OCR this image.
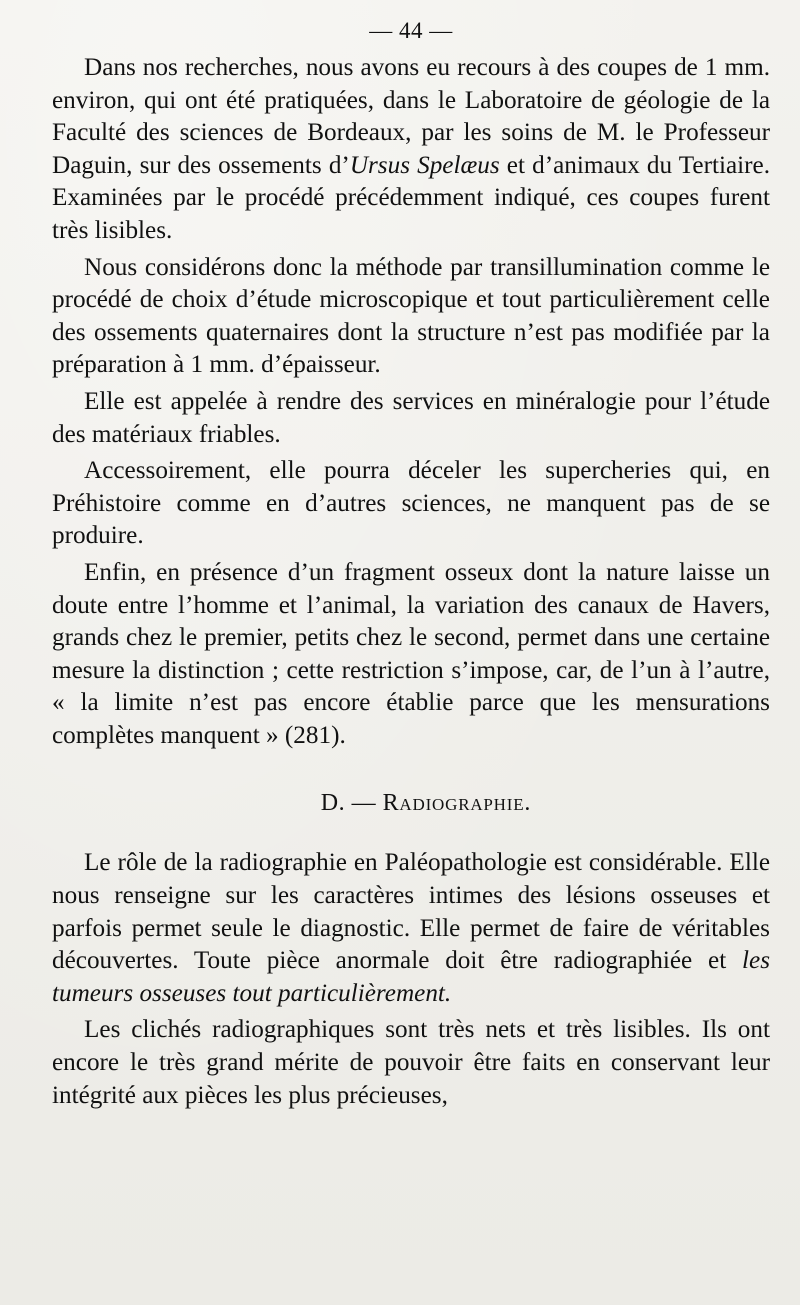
— 44 —

Dans nos recherches, nous avons eu recours à des coupes de 1 mm. environ, qui ont été pratiquées, dans le Laboratoire de géologie de la Faculté des sciences de Bordeaux, par les soins de M. le Professeur Daguin, sur des ossements d’Ursus Spelæus et d’animaux du Tertiaire. Examinées par le procédé précédemment indiqué, ces coupes furent très lisibles.

Nous considérons donc la méthode par transillumination comme le procédé de choix d’étude microscopique et tout particulièrement celle des ossements quaternaires dont la structure n’est pas modifiée par la préparation à 1 mm. d’épaisseur.

Elle est appelée à rendre des services en minéralogie pour l’étude des matériaux friables.

Accessoirement, elle pourra déceler les supercheries qui, en Préhistoire comme en d’autres sciences, ne manquent pas de se produire.

Enfin, en présence d’un fragment osseux dont la nature laisse un doute entre l’homme et l’animal, la variation des canaux de Havers, grands chez le premier, petits chez le second, permet dans une certaine mesure la distinction ; cette restriction s’impose, car, de l’un à l’autre, « la limite n’est pas encore établie parce que les mensurations complètes manquent » (281).

D. — Radiographie.

Le rôle de la radiographie en Paléopathologie est considérable. Elle nous renseigne sur les caractères intimes des lésions osseuses et parfois permet seule le diagnostic. Elle permet de faire de véritables découvertes. Toute pièce anormale doit être radiographiée et les tumeurs osseuses tout particulièrement.

Les clichés radiographiques sont très nets et très lisibles. Ils ont encore le très grand mérite de pouvoir être faits en conservant leur intégrité aux pièces les plus précieuses,
